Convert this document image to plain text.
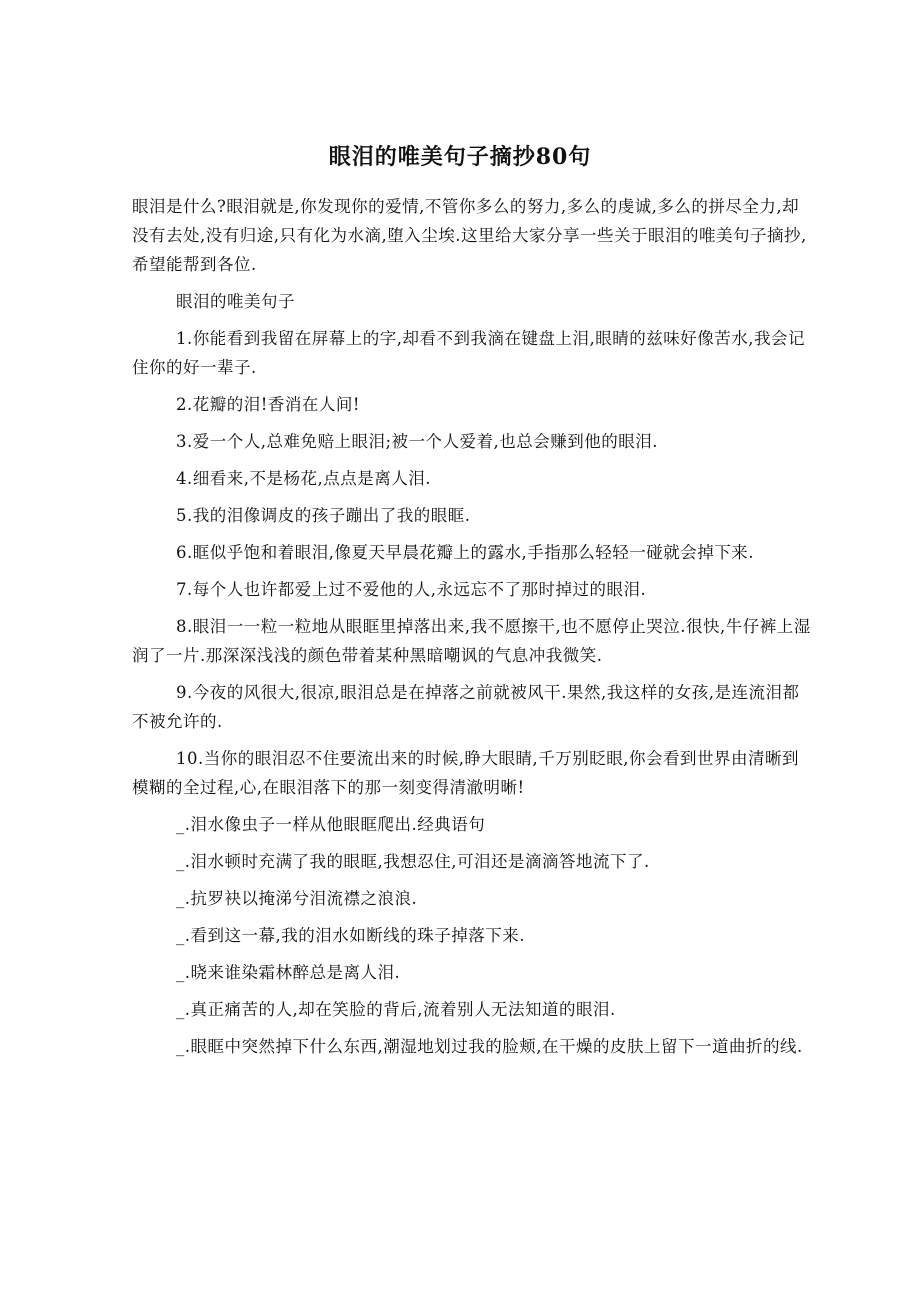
眼泪的唯美句子摘抄80句

眼泪是什么?眼泪就是,你发现你的爱情,不管你多么的努力,多么的虔诚,多么的拼尽全力,却没有去处,没有归途,只有化为水滴,堕入尘埃.这里给大家分享一些关于眼泪的唯美句子摘抄,希望能帮到各位.

眼泪的唯美句子

1.你能看到我留在屏幕上的字,却看不到我滴在键盘上泪,眼睛的兹味好像苦水,我会记住你的好一辈子.

2.花瓣的泪!香消在人间!

3.爱一个人,总难免赔上眼泪;被一个人爱着,也总会赚到他的眼泪.

4.细看来,不是杨花,点点是离人泪.

5.我的泪像调皮的孩子蹦出了我的眼眶.

6.眶似乎饱和着眼泪,像夏天早晨花瓣上的露水,手指那么轻轻一碰就会掉下来.

7.每个人也许都爱上过不爱他的人,永远忘不了那时掉过的眼泪.

8.眼泪一一粒一粒地从眼眶里掉落出来,我不愿擦干,也不愿停止哭泣.很快,牛仔裤上湿润了一片.那深深浅浅的颜色带着某种黑暗嘲讽的气息冲我微笑.

9.今夜的风很大,很凉,眼泪总是在掉落之前就被风干.果然,我这样的女孩,是连流泪都不被允许的.

10.当你的眼泪忍不住要流出来的时候,睁大眼睛,千万别眨眼,你会看到世界由清晰到模糊的全过程,心,在眼泪落下的那一刻变得清澈明晰!

_.泪水像虫子一样从他眼眶爬出.经典语句

_.泪水顿时充满了我的眼眶,我想忍住,可泪还是滴滴答地流下了.

_.抗罗袂以掩涕兮泪流襟之浪浪.

_.看到这一幕,我的泪水如断线的珠子掉落下来.

_.晓来谁染霜林醉总是离人泪.

_.真正痛苦的人,却在笑脸的背后,流着别人无法知道的眼泪.

_.眼眶中突然掉下什么东西,潮湿地划过我的脸颊,在干燥的皮肤上留下一道曲折的线.
